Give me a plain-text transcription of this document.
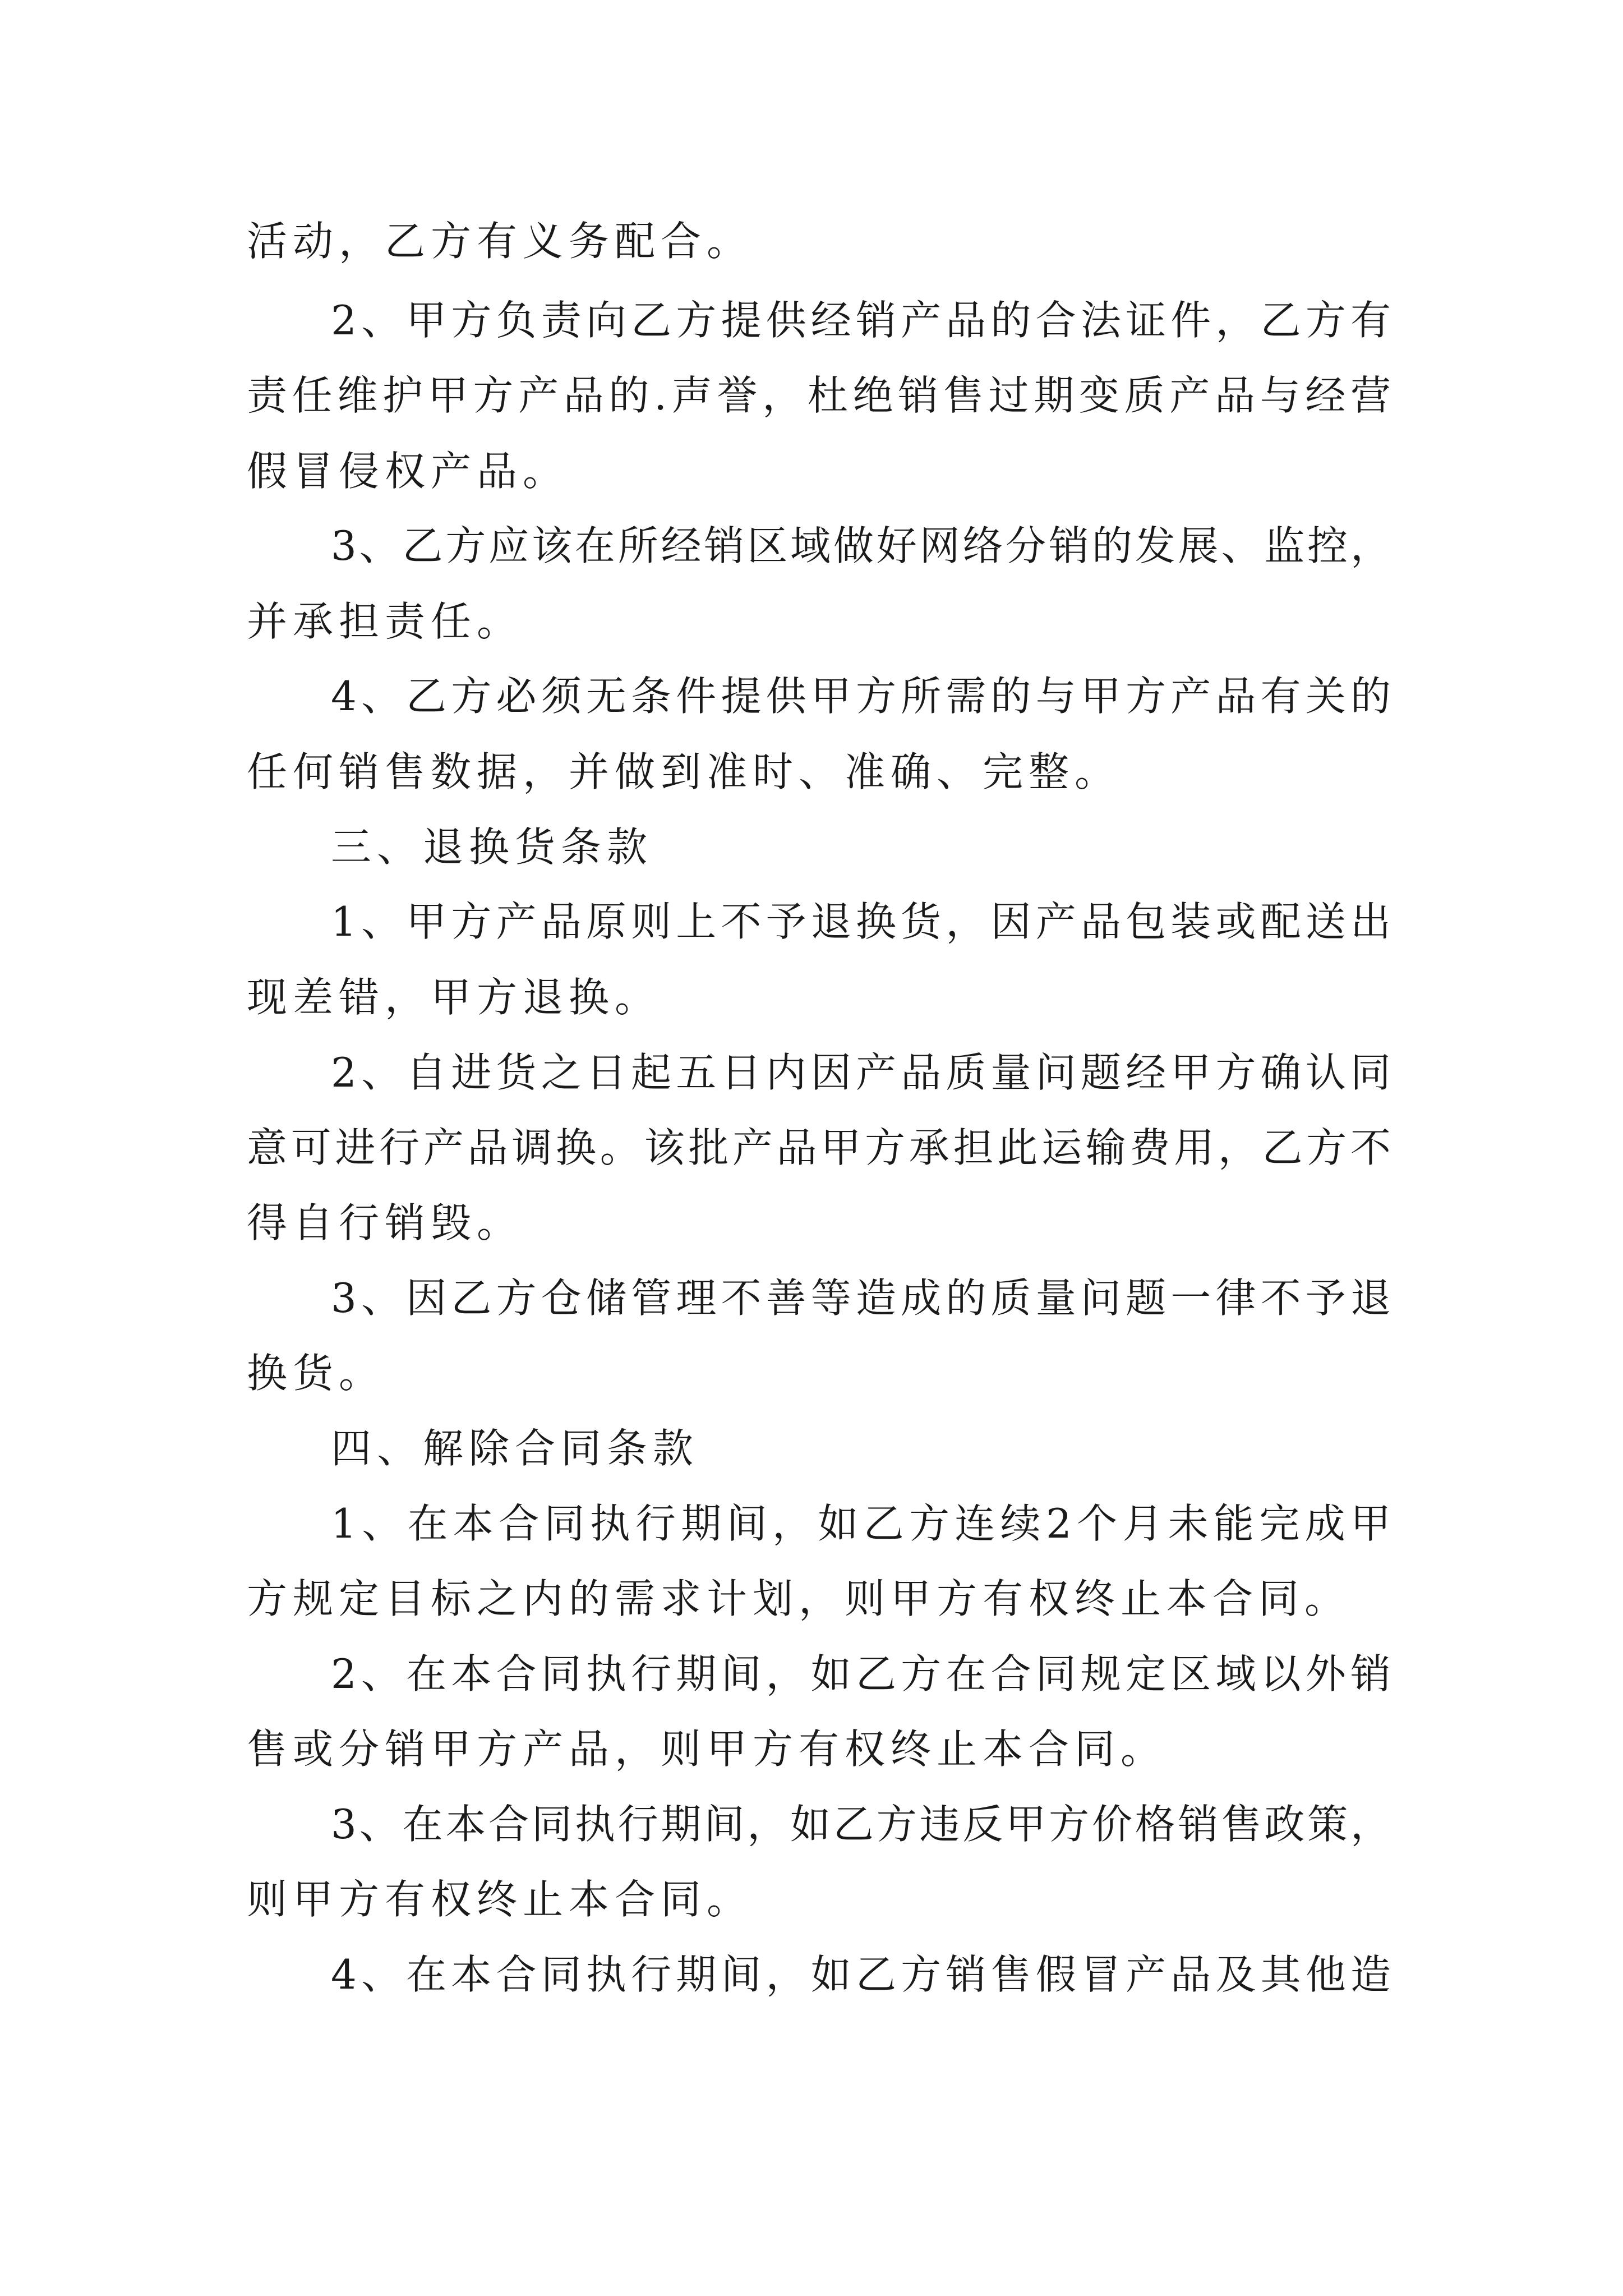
活动，乙方有义务配合。
2、甲方负责向乙方提供经销产品的合法证件，乙方有
责任维护甲方产品的.声誉，杜绝销售过期变质产品与经营
假冒侵权产品。
3、乙方应该在所经销区域做好网络分销的发展、监控，
并承担责任。
4、乙方必须无条件提供甲方所需的与甲方产品有关的
任何销售数据，并做到准时、准确、完整。
三、退换货条款
1、甲方产品原则上不予退换货，因产品包装或配送出
现差错，甲方退换。
2、自进货之日起五日内因产品质量问题经甲方确认同
意可进行产品调换。该批产品甲方承担此运输费用，乙方不
得自行销毁。
3、因乙方仓储管理不善等造成的质量问题一律不予退
换货。
四、解除合同条款
1、在本合同执行期间，如乙方连续2个月未能完成甲
方规定目标之内的需求计划，则甲方有权终止本合同。
2、在本合同执行期间，如乙方在合同规定区域以外销
售或分销甲方产品，则甲方有权终止本合同。
3、在本合同执行期间，如乙方违反甲方价格销售政策，
则甲方有权终止本合同。
4、在本合同执行期间，如乙方销售假冒产品及其他造
